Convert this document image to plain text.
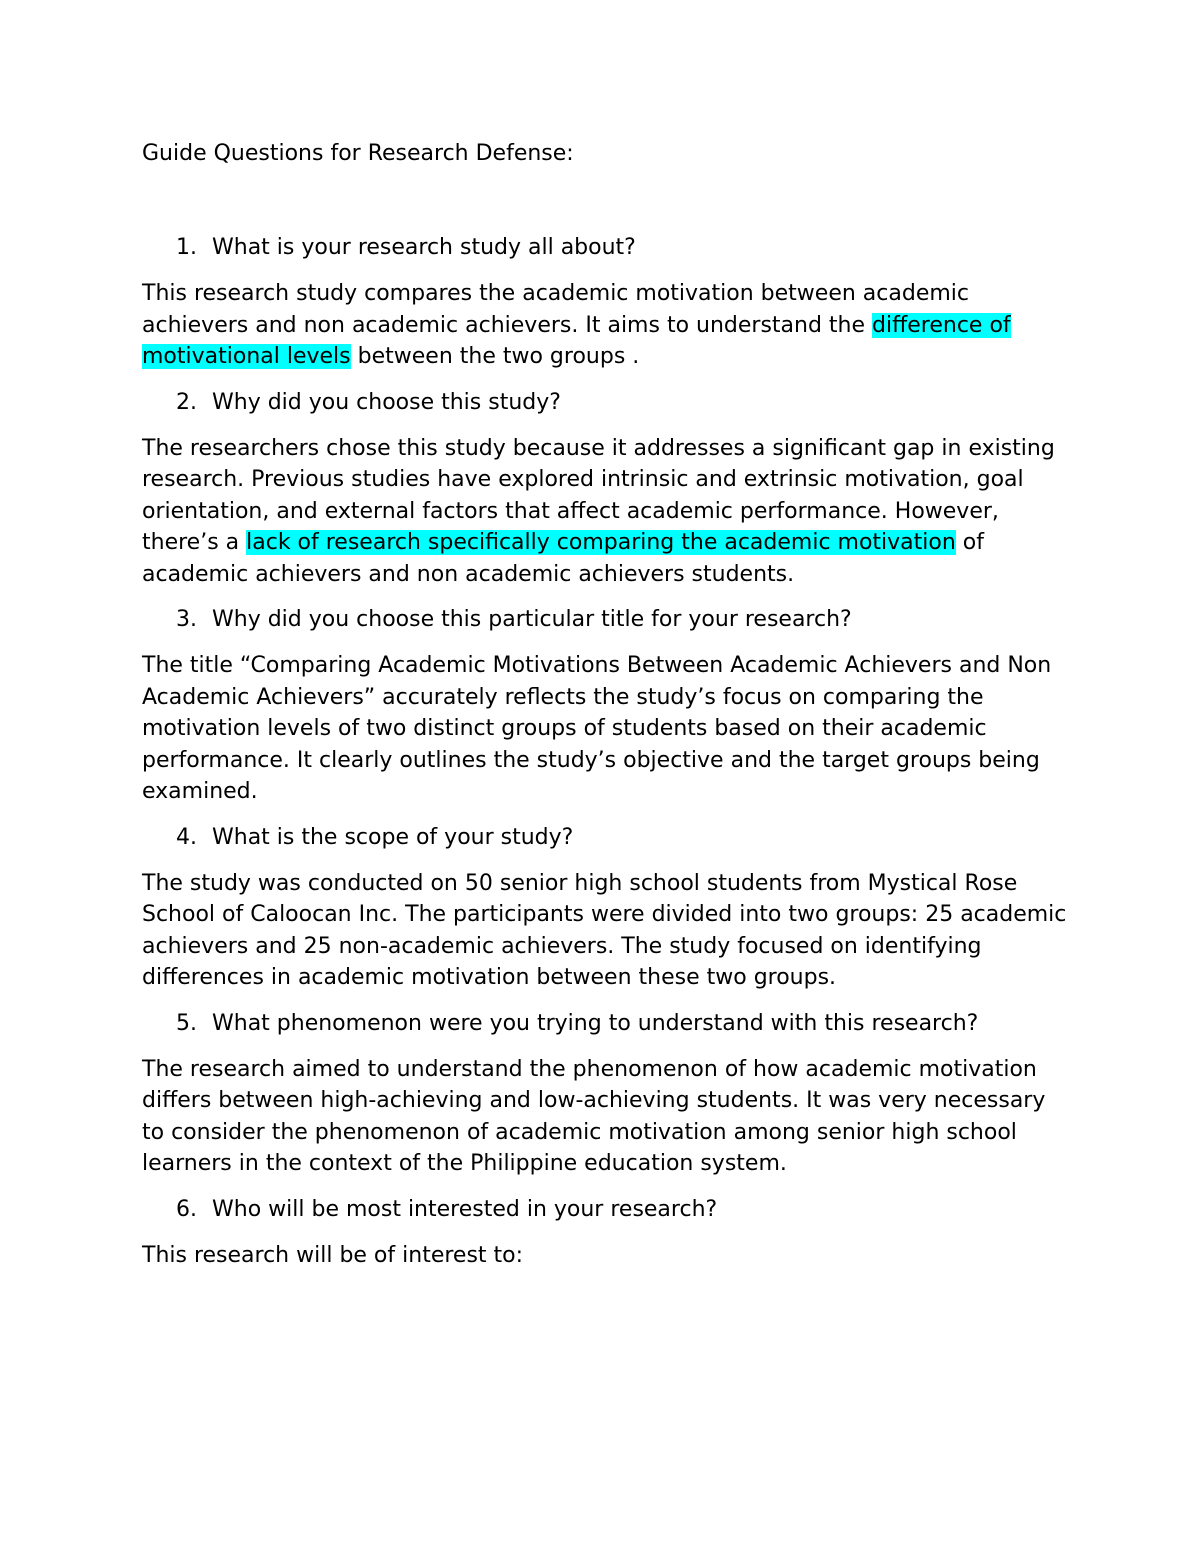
Guide Questions for Research Defense:

1. What is your research study all about?

This research study compares the academic motivation between academic achievers and non academic achievers. It aims to understand the difference of motivational levels between the two groups .

2. Why did you choose this study?

The researchers chose this study because it addresses a significant gap in existing research. Previous studies have explored intrinsic and extrinsic motivation, goal orientation, and external factors that affect academic performance. However, there’s a lack of research specifically comparing the academic motivation of academic achievers and non academic achievers students.

3. Why did you choose this particular title for your research?

The title “Comparing Academic Motivations Between Academic Achievers and Non Academic Achievers” accurately reflects the study’s focus on comparing the motivation levels of two distinct groups of students based on their academic performance. It clearly outlines the study’s objective and the target groups being examined.

4. What is the scope of your study?

The study was conducted on 50 senior high school students from Mystical Rose School of Caloocan Inc. The participants were divided into two groups: 25 academic achievers and 25 non-academic achievers. The study focused on identifying differences in academic motivation between these two groups.

5. What phenomenon were you trying to understand with this research?

The research aimed to understand the phenomenon of how academic motivation differs between high-achieving and low-achieving students. It was very necessary to consider the phenomenon of academic motivation among senior high school learners in the context of the Philippine education system.

6. Who will be most interested in your research?

This research will be of interest to:
